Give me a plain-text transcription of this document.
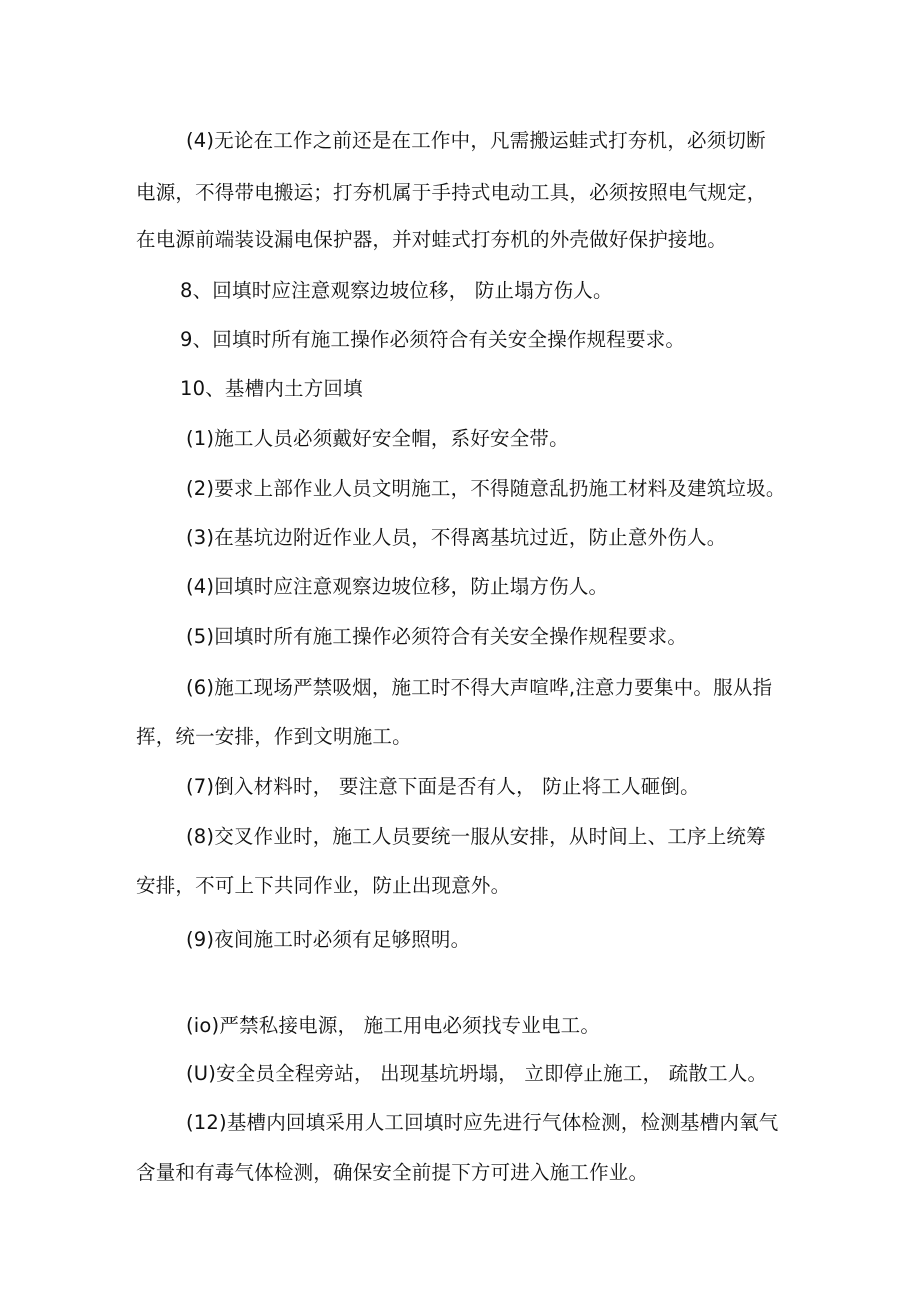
(4)无论在工作之前还是在工作中，凡需搬运蛙式打夯机，必须切断
电源，不得带电搬运；打夯机属于手持式电动工具，必须按照电气规定，
在电源前端装设漏电保护器，并对蛙式打夯机的外壳做好保护接地。
8、回填时应注意观察边坡位移， 防止塌方伤人。
9、回填时所有施工操作必须符合有关安全操作规程要求。
10、基槽内土方回填
(1)施工人员必须戴好安全帽，系好安全带。
(2)要求上部作业人员文明施工，不得随意乱扔施工材料及建筑垃圾。
(3)在基坑边附近作业人员，不得离基坑过近，防止意外伤人。
(4)回填时应注意观察边坡位移，防止塌方伤人。
(5)回填时所有施工操作必须符合有关安全操作规程要求。
(6)施工现场严禁吸烟，施工时不得大声喧哗,注意力要集中。服从指
挥，统一安排，作到文明施工。
(7)倒入材料时， 要注意下面是否有人， 防止将工人砸倒。
(8)交叉作业时，施工人员要统一服从安排，从时间上、工序上统筹
安排，不可上下共同作业，防止出现意外。
(9)夜间施工时必须有足够照明。
(io)严禁私接电源， 施工用电必须找专业电工。
(U)安全员全程旁站， 出现基坑坍塌， 立即停止施工， 疏散工人。
(12)基槽内回填采用人工回填时应先进行气体检测，检测基槽内氧气
含量和有毒气体检测，确保安全前提下方可进入施工作业。
